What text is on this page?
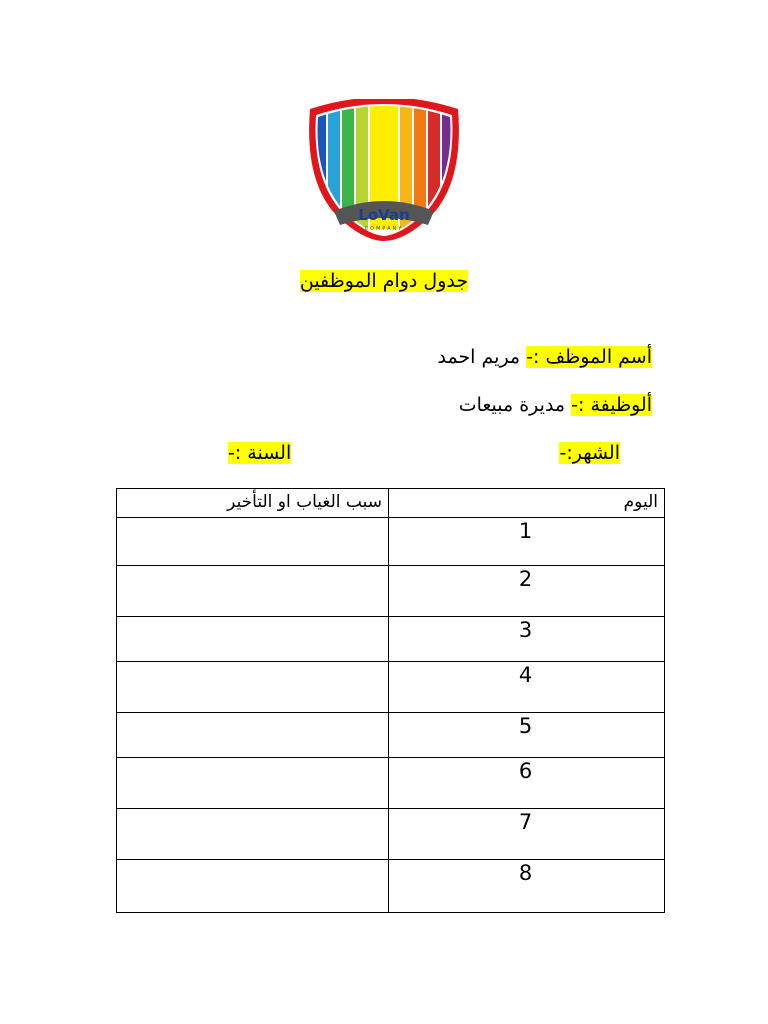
LoVan
COMPANY
جدول دوام الموظفين
أسم الموظف :- مريم احمد
ألوظيفة :- مديرة مبيعات
الشهر:-
السنة :-
سبب الغياب او التأخير	اليوم
	1
	2
	3
	4
	5
	6
	7
	8
